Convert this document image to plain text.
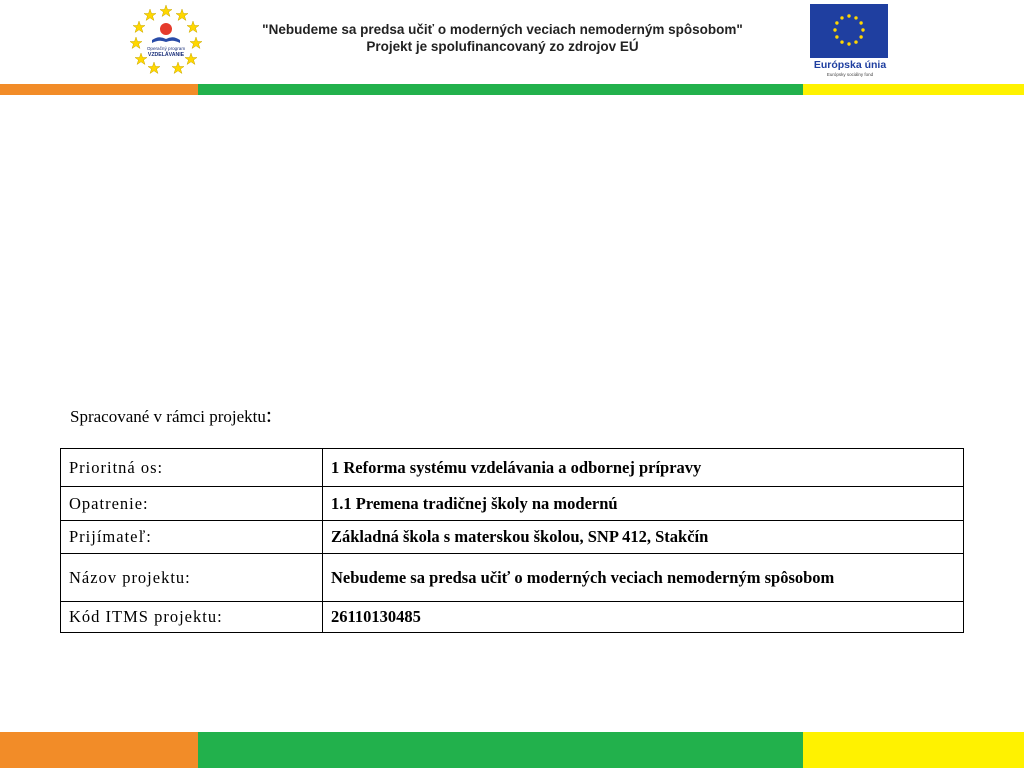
Operačný program
VZDELÁVANIE
"Nebudeme sa predsa učiť o moderných veciach nemoderným spôsobom"
Projekt je spolufinancovaný zo zdrojov EÚ
Európska únia
Európsky sociálny fond
Spracované v rámci projektu:
Prioritná os:	1 Reforma systému vzdelávania a odbornej prípravy
Opatrenie:	1.1 Premena tradičnej školy na modernú
Prijímateľ:	Základná škola s materskou školou, SNP 412, Stakčín
Názov projektu:	Nebudeme sa predsa učiť o moderných veciach nemoderným spôsobom
Kód ITMS projektu:	26110130485
